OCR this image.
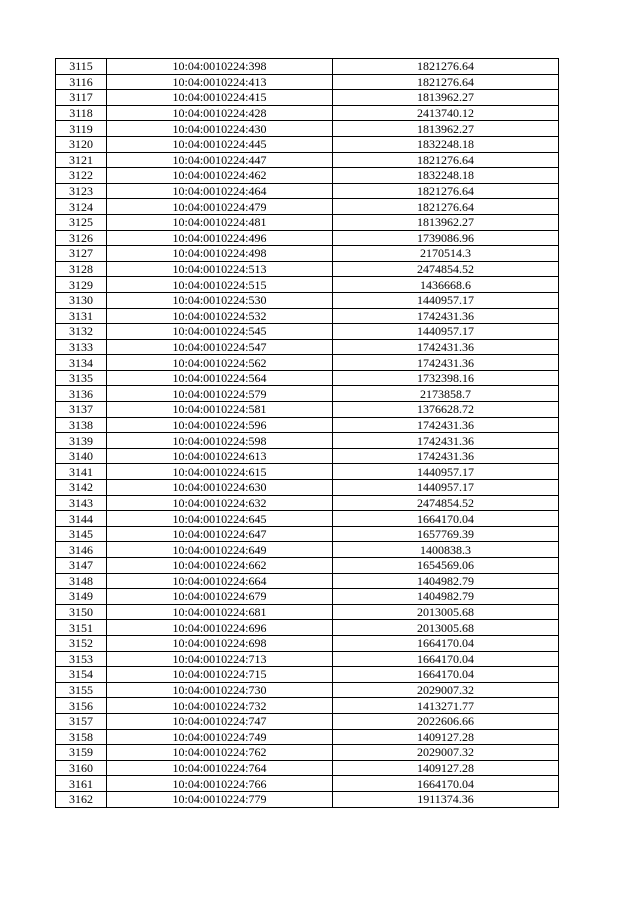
3115	10:04:0010224:398	1821276.64
3116	10:04:0010224:413	1821276.64
3117	10:04:0010224:415	1813962.27
3118	10:04:0010224:428	2413740.12
3119	10:04:0010224:430	1813962.27
3120	10:04:0010224:445	1832248.18
3121	10:04:0010224:447	1821276.64
3122	10:04:0010224:462	1832248.18
3123	10:04:0010224:464	1821276.64
3124	10:04:0010224:479	1821276.64
3125	10:04:0010224:481	1813962.27
3126	10:04:0010224:496	1739086.96
3127	10:04:0010224:498	2170514.3
3128	10:04:0010224:513	2474854.52
3129	10:04:0010224:515	1436668.6
3130	10:04:0010224:530	1440957.17
3131	10:04:0010224:532	1742431.36
3132	10:04:0010224:545	1440957.17
3133	10:04:0010224:547	1742431.36
3134	10:04:0010224:562	1742431.36
3135	10:04:0010224:564	1732398.16
3136	10:04:0010224:579	2173858.7
3137	10:04:0010224:581	1376628.72
3138	10:04:0010224:596	1742431.36
3139	10:04:0010224:598	1742431.36
3140	10:04:0010224:613	1742431.36
3141	10:04:0010224:615	1440957.17
3142	10:04:0010224:630	1440957.17
3143	10:04:0010224:632	2474854.52
3144	10:04:0010224:645	1664170.04
3145	10:04:0010224:647	1657769.39
3146	10:04:0010224:649	1400838.3
3147	10:04:0010224:662	1654569.06
3148	10:04:0010224:664	1404982.79
3149	10:04:0010224:679	1404982.79
3150	10:04:0010224:681	2013005.68
3151	10:04:0010224:696	2013005.68
3152	10:04:0010224:698	1664170.04
3153	10:04:0010224:713	1664170.04
3154	10:04:0010224:715	1664170.04
3155	10:04:0010224:730	2029007.32
3156	10:04:0010224:732	1413271.77
3157	10:04:0010224:747	2022606.66
3158	10:04:0010224:749	1409127.28
3159	10:04:0010224:762	2029007.32
3160	10:04:0010224:764	1409127.28
3161	10:04:0010224:766	1664170.04
3162	10:04:0010224:779	1911374.36
